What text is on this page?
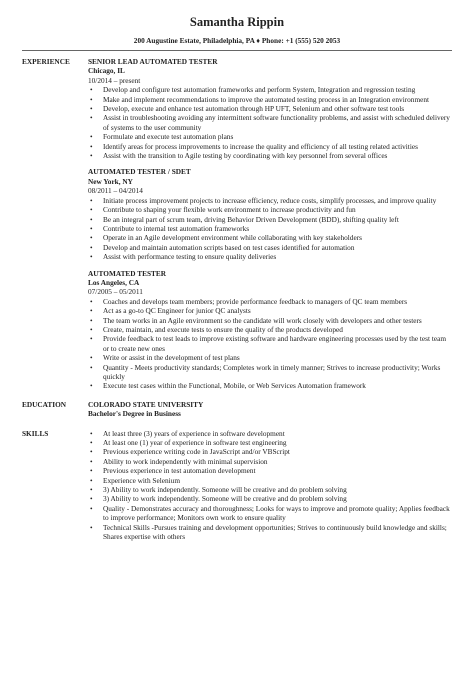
Samantha Rippin
200 Augustine Estate, Philadelphia, PA ♦ Phone: +1 (555) 520 2053
EXPERIENCE	SENIOR LEAD AUTOMATED TESTER
Chicago, IL
10/2014 – present
• Develop and configure test automation frameworks and perform System, Integration and regression testing
• Make and implement recommendations to improve the automated testing process in an Integration environment
• Develop, execute and enhance test automation through HP UFT, Selenium and other software test tools
• Assist in troubleshooting avoiding any intermittent software functionality problems, and assist with scheduled delivery of systems to the user community
• Formulate and execute test automation plans
• Identify areas for process improvements to increase the quality and efficiency of all testing related activities
• Assist with the transition to Agile testing by coordinating with key personnel from several offices
AUTOMATED TESTER / SDET
New York, NY
08/2011 – 04/2014
• Initiate process improvement projects to increase efficiency, reduce costs, simplify processes, and improve quality
• Contribute to shaping your flexible work environment to increase productivity and fun
• Be an integral part of scrum team, driving Behavior Driven Development (BDD), shifting quality left
• Contribute to internal test automation frameworks
• Operate in an Agile development environment while collaborating with key stakeholders
• Develop and maintain automation scripts based on test cases identified for automation
• Assist with performance testing to ensure quality deliveries
AUTOMATED TESTER
Los Angeles, CA
07/2005 – 05/2011
• Coaches and develops team members; provide performance feedback to managers of QC team members
• Act as a go-to QC Engineer for junior QC analysts
• The team works in an Agile environment so the candidate will work closely with developers and other testers
• Create, maintain, and execute tests to ensure the quality of the products developed
• Provide feedback to test leads to improve existing software and hardware engineering processes used by the test team or to create new ones
• Write or assist in the development of test plans
• Quantity - Meets productivity standards; Completes work in timely manner; Strives to increase productivity; Works quickly
• Execute test cases within the Functional, Mobile, or Web Services Automation framework
EDUCATION	COLORADO STATE UNIVERSITY
Bachelor's Degree in Business
SKILLS
•	At least three (3) years of experience in software development
• At least one (1) year of experience in software test engineering
• Previous experience writing code in JavaScript and/or VBScript
• Ability to work independently with minimal supervision
• Previous experience in test automation development
• Experience with Selenium
• 3) Ability to work independently. Someone will be creative and do problem solving
• 3) Ability to work independently. Someone will be creative and do problem solving
• Quality - Demonstrates accuracy and thoroughness; Looks for ways to improve and promote quality; Applies feedback to improve performance; Monitors own work to ensure quality
• Technical Skills -Pursues training and development opportunities; Strives to continuously build knowledge and skills; Shares expertise with others
